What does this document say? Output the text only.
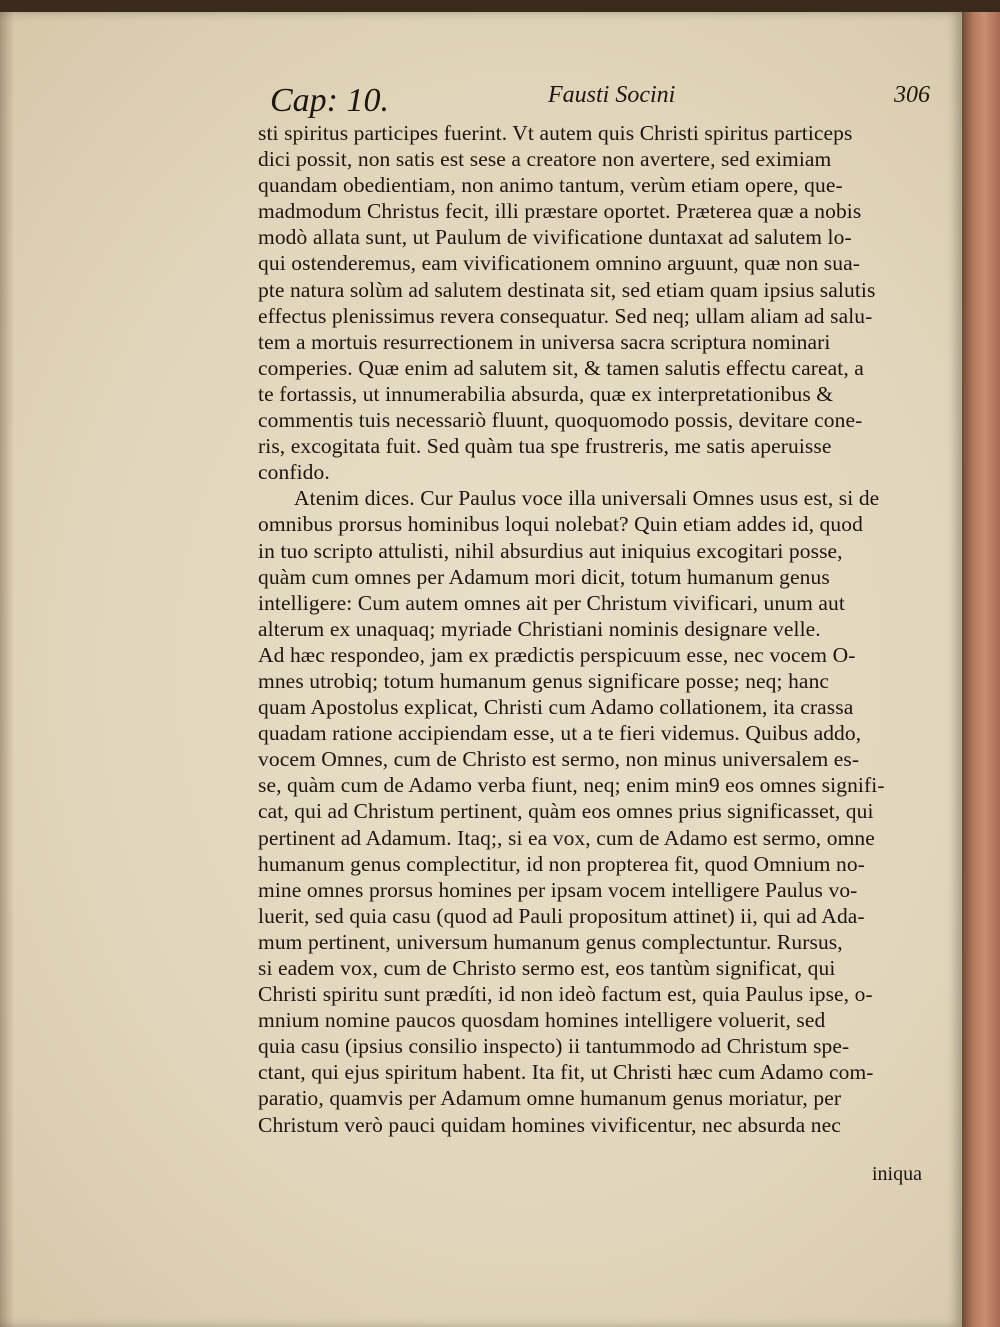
Cap: 10.	Fausti Socini	306
sti spiritus participes fuerint. Vt autem quis Christi spiritus particeps
dici possit, non satis est sese a creatore non avertere, sed eximiam
quandam obedientiam, non animo tantum, verùm etiam opere, que-
madmodum Christus fecit, illi præstare oportet. Præterea quæ a nobis
modò allata sunt, ut Paulum de vivificatione duntaxat ad salutem lo-
qui ostenderemus, eam vivificationem omnino arguunt, quæ non sua-
pte natura solùm ad salutem destinata sit, sed etiam quam ipsius salutis
effectus plenissimus revera consequatur. Sed neq; ullam aliam ad salu-
tem a mortuis resurrectionem in universa sacra scriptura nominari
comperies. Quæ enim ad salutem sit, & tamen salutis effectu careat, a
te fortassis, ut innumerabilia absurda, quæ ex interpretationibus &
commentis tuis necessariò fluunt, quoquomodo possis, devitare cone-
ris, excogitata fuit. Sed quàm tua spe frustreris, me satis aperuisse
confido.
Atenim dices. Cur Paulus voce illa universali Omnes usus est, si de
omnibus prorsus hominibus loqui nolebat? Quin etiam addes id, quod
in tuo scripto attulisti, nihil absurdius aut iniquius excogitari posse,
quàm cum omnes per Adamum mori dicit, totum humanum genus
intelligere: Cum autem omnes ait per Christum vivificari, unum aut
alterum ex unaquaq; myriade Christiani nominis designare velle.
Ad hæc respondeo, jam ex prædictis perspicuum esse, nec vocem O-
mnes utrobiq; totum humanum genus significare posse; neq; hanc
quam Apostolus explicat, Christi cum Adamo collationem, ita crassa
quadam ratione accipiendam esse, ut a te fieri videmus. Quibus addo,
vocem Omnes, cum de Christo est sermo, non minus universalem es-
se, quàm cum de Adamo verba fiunt, neq; enim min9 eos omnes signifi-
cat, qui ad Christum pertinent, quàm eos omnes prius significasset, qui
pertinent ad Adamum. Itaq;, si ea vox, cum de Adamo est sermo, omne
humanum genus complectitur, id non propterea fit, quod Omnium no-
mine omnes prorsus homines per ipsam vocem intelligere Paulus vo-
luerit, sed quia casu (quod ad Pauli propositum attinet) ii, qui ad Ada-
mum pertinent, universum humanum genus complectuntur. Rursus,
si eadem vox, cum de Christo sermo est, eos tantùm significat, qui
Christi spiritu sunt prædíti, id non ideò factum est, quia Paulus ipse, o-
mnium nomine paucos quosdam homines intelligere voluerit, sed
quia casu (ipsius consilio inspecto) ii tantummodo ad Christum spe-
ctant, qui ejus spiritum habent. Ita fit, ut Christi hæc cum Adamo com-
paratio, quamvis per Adamum omne humanum genus moriatur, per
Christum verò pauci quidam homines vivificentur, nec absurda nec
iniqua
